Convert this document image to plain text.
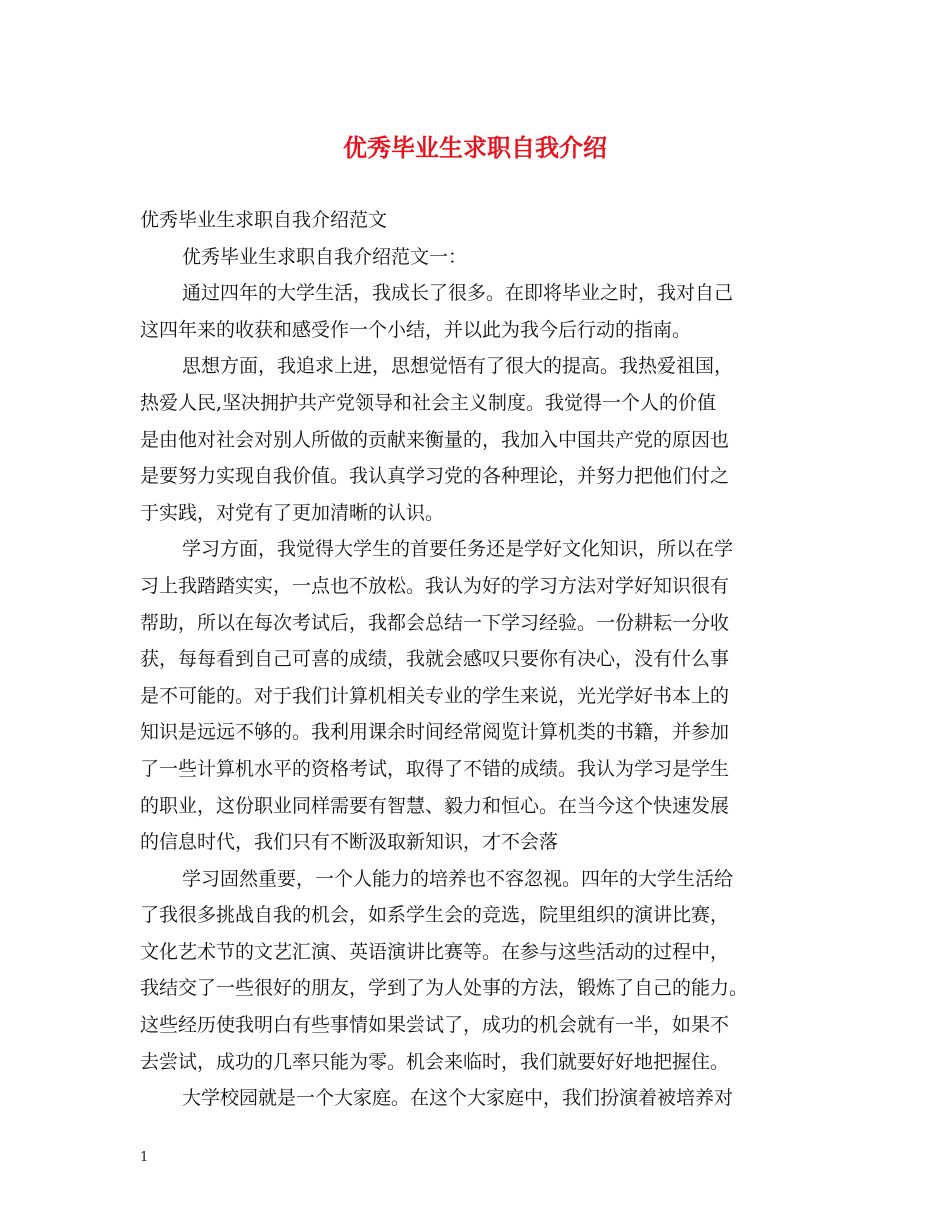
优秀毕业生求职自我介绍
优秀毕业生求职自我介绍范文
优秀毕业生求职自我介绍范文一：
通过四年的大学生活，我成长了很多。在即将毕业之时，我对自己
这四年来的收获和感受作一个小结，并以此为我今后行动的指南。
思想方面，我追求上进，思想觉悟有了很大的提高。我热爱祖国，
热爱人民,坚决拥护共产党领导和社会主义制度。我觉得一个人的价值
是由他对社会对别人所做的贡献来衡量的，我加入中国共产党的原因也
是要努力实现自我价值。我认真学习党的各种理论，并努力把他们付之
于实践，对党有了更加清晰的认识。
学习方面，我觉得大学生的首要任务还是学好文化知识，所以在学
习上我踏踏实实，一点也不放松。我认为好的学习方法对学好知识很有
帮助，所以在每次考试后，我都会总结一下学习经验。一份耕耘一分收
获，每每看到自己可喜的成绩，我就会感叹只要你有决心，没有什么事
是不可能的。对于我们计算机相关专业的学生来说，光光学好书本上的
知识是远远不够的。我利用课余时间经常阅览计算机类的书籍，并参加
了一些计算机水平的资格考试，取得了不错的成绩。我认为学习是学生
的职业，这份职业同样需要有智慧、毅力和恒心。在当今这个快速发展
的信息时代，我们只有不断汲取新知识，才不会落
学习固然重要，一个人能力的培养也不容忽视。四年的大学生活给
了我很多挑战自我的机会，如系学生会的竞选，院里组织的演讲比赛，
文化艺术节的文艺汇演、英语演讲比赛等。在参与这些活动的过程中，
我结交了一些很好的朋友，学到了为人处事的方法，锻炼了自己的能力。
这些经历使我明白有些事情如果尝试了，成功的机会就有一半，如果不
去尝试，成功的几率只能为零。机会来临时，我们就要好好地把握住。
大学校园就是一个大家庭。在这个大家庭中，我们扮演着被培养对
1
